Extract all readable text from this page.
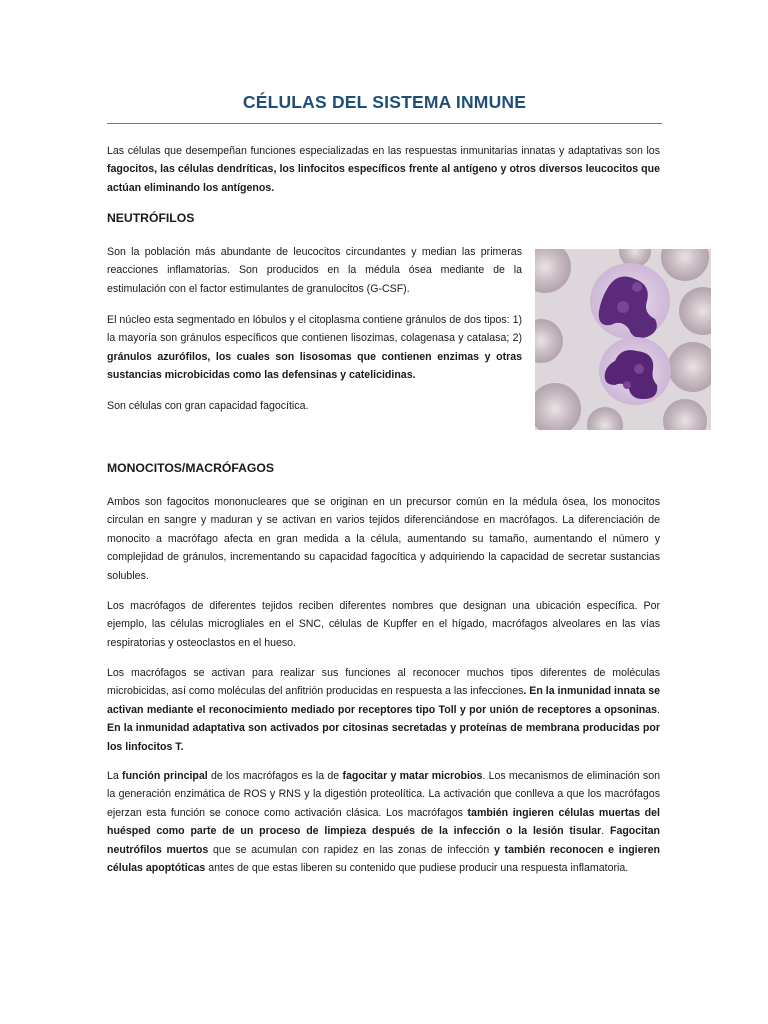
CÉLULAS DEL SISTEMA INMUNE

Las células que desempeñan funciones especializadas en las respuestas inmunitarias innatas y adaptativas son los fagocitos, las células dendríticas, los linfocitos específicos frente al antígeno y otros diversos leucocitos que actúan eliminando los antígenos.

NEUTRÓFILOS

Son la población más abundante de leucocitos circundantes y median las primeras reacciones inflamatorias. Son producidos en la médula ósea mediante de la estimulación con el factor estimulantes de granulocitos (G-CSF).

El núcleo esta segmentado en lóbulos y el citoplasma contiene gránulos de dos tipos: 1) la mayoría son gránulos específicos que contienen lisozimas, colagenasa y catalasa; 2) gránulos azurófilos, los cuales son lisosomas que contienen enzimas y otras sustancias microbicidas como las defensinas y catelicidinas.

Son células con gran capacidad fagocítica.

MONOCITOS/MACRÓFAGOS

Ambos son fagocitos mononucleares que se originan en un precursor común en la médula ósea, los monocitos circulan en sangre y maduran y se activan en varios tejidos diferenciándose en macrófagos. La diferenciación de monocito a macrófago afecta en gran medida a la célula, aumentando su tamaño, aumentando el número y complejidad de gránulos, incrementando su capacidad fagocítica y adquiriendo la capacidad de secretar sustancias solubles.

Los macrófagos de diferentes tejidos reciben diferentes nombres que designan una ubicación específica. Por ejemplo, las células microgliales en el SNC, células de Kupffer en el hígado, macrófagos alveolares en las vías respiratorias y osteoclastos en el hueso.

Los macrófagos se activan para realizar sus funciones al reconocer muchos tipos diferentes de moléculas microbicidas, así como moléculas del anfitrión producidas en respuesta a las infecciones. En la inmunidad innata se activan mediante el reconocimiento mediado por receptores tipo Toll y por unión de receptores a opsoninas. En la inmunidad adaptativa son activados por citosinas secretadas y proteínas de membrana producidas por los linfocitos T.

La función principal de los macrófagos es la de fagocitar y matar microbios. Los mecanismos de eliminación son la generación enzimática de ROS y RNS y la digestión proteolítica. La activación que conlleva a que los macrófagos ejerzan esta función se conoce como activación clásica. Los macrófagos también ingieren células muertas del huésped como parte de un proceso de limpieza después de la infección o la lesión tisular. Fagocitan neutrófilos muertos que se acumulan con rapidez en las zonas de infección y también reconocen e ingieren células apoptóticas antes de que estas liberen su contenido que pudiese producir una respuesta inflamatoria.
